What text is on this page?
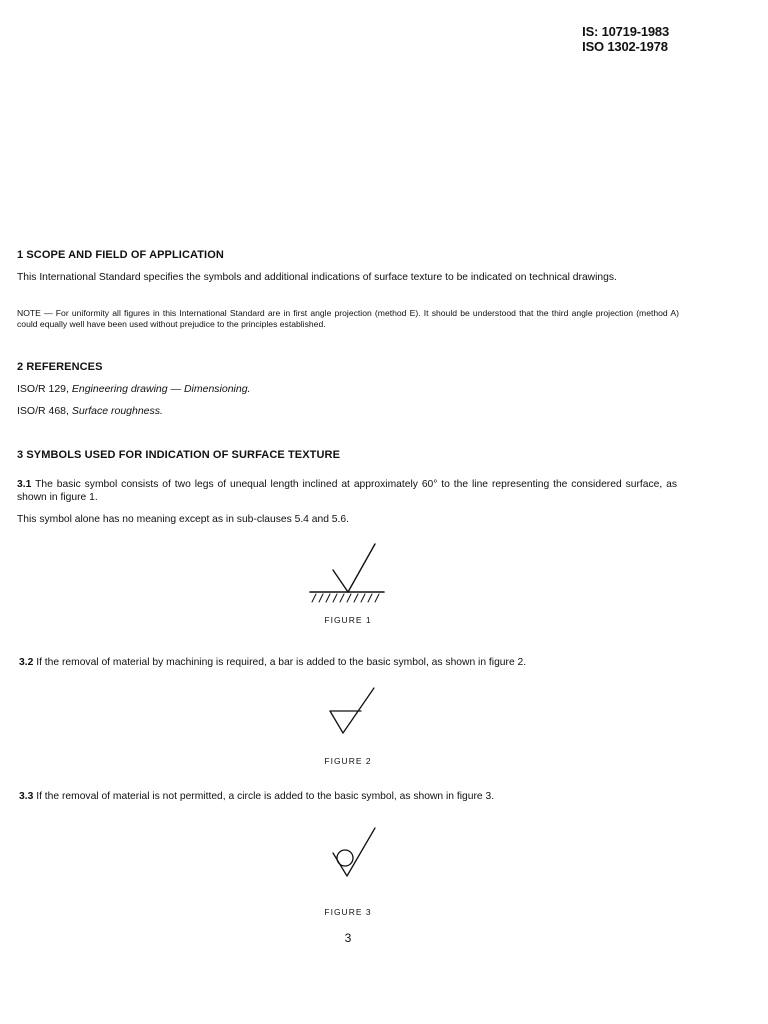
IS: 10719-1983
ISO 1302-1978
1 SCOPE AND FIELD OF APPLICATION
This International Standard specifies the symbols and additional indications of surface texture to be indicated on technical drawings.
NOTE — For uniformity all figures in this International Standard are in first angle projection (method E). It should be understood that the third angle projection (method A) could equally well have been used without prejudice to the principles established.
2 REFERENCES
ISO/R 129, Engineering drawing — Dimensioning.
ISO/R 468, Surface roughness.
3 SYMBOLS USED FOR INDICATION OF SURFACE TEXTURE
3.1 The basic symbol consists of two legs of unequal length inclined at approximately 60° to the line representing the considered surface, as shown in figure 1.
This symbol alone has no meaning except as in sub-clauses 5.4 and 5.6.
FIGURE 1
3.2 If the removal of material by machining is required, a bar is added to the basic symbol, as shown in figure 2.
FIGURE 2
3.3 If the removal of material is not permitted, a circle is added to the basic symbol, as shown in figure 3.
FIGURE 3
3
